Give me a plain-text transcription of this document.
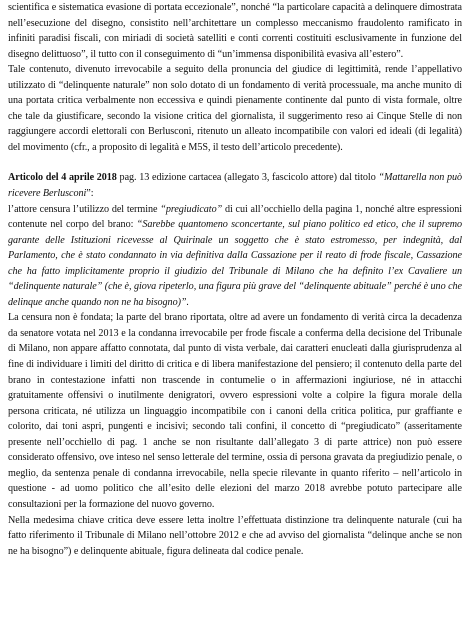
scientifica e sistematica evasione di portata eccezionale”, nonché “la particolare capacità a delinquere dimostrata nell’esecuzione del disegno, consistito nell’architettare un complesso meccanismo fraudolento ramificato in infiniti paradisi fiscali, con miriadi di società satelliti e conti correnti costituiti esclusivamente in funzione del disegno delittuoso”, il tutto con il conseguimento di “un’immensa disponibilità evasiva all’estero”.

Tale contenuto, divenuto irrevocabile a seguito della pronuncia del giudice di legittimità, rende l’appellativo utilizzato di “delinquente naturale” non solo dotato di un fondamento di verità processuale, ma anche munito di una portata critica verbalmente non eccessiva e quindi pienamente continente dal punto di vista formale, oltre che tale da giustificare, secondo la visione critica del giornalista, il suggerimento reso ai Cinque Stelle di non raggiungere accordi elettorali con Berlusconi, ritenuto un alleato incompatibile con valori ed ideali (di legalità) del movimento (cfr., a proposito di legalità e M5S, il testo dell’articolo precedente).

Articolo del 4 aprile 2018 pag. 13 edizione cartacea (allegato 3, fascicolo attore) dal titolo “Mattarella non può ricevere Berlusconi”:

l’attore censura l’utilizzo del termine “pregiudicato” di cui all’occhiello della pagina 1, nonché altre espressioni contenute nel corpo del brano: “Sarebbe quantomeno sconcertante, sul piano politico ed etico, che il supremo garante delle Istituzioni ricevesse al Quirinale un soggetto che è stato estromesso, per indegnità, dal Parlamento, che è stato condannato in via definitiva dalla Cassazione per il reato di frode fiscale, Cassazione che ha fatto implicitamente proprio il giudizio del Tribunale di Milano che ha definito l’ex Cavaliere un “delinquente naturale” (che è, giova ripeterlo, una figura più grave del “delinquente abituale” perché è uno che delinque anche quando non ne ha bisogno)”.

La censura non è fondata; la parte del brano riportata, oltre ad avere un fondamento di verità circa la decadenza da senatore votata nel 2013 e la condanna irrevocabile per frode fiscale a conferma della decisione del Tribunale di Milano, non appare affatto connotata, dal punto di vista verbale, dai caratteri enucleati dalla giurisprudenza al fine di individuare i limiti del diritto di critica e di libera manifestazione del pensiero; il contenuto della parte del brano in contestazione infatti non trascende in contumelie o in affermazioni ingiuriose, né in attacchi gratuitamente offensivi o inutilmente denigratori, ovvero espressioni volte a colpire la figura morale della persona criticata, né utilizza un linguaggio incompatibile con i canoni della critica politica, pur graffiante e colorito, dai toni aspri, pungenti e incisivi; secondo tali confini, il concetto di “pregiudicato” (asseritamente presente nell’occhiello di pag. 1 anche se non risultante dall’allegato 3 di parte attrice) non può essere considerato offensivo, ove inteso nel senso letterale del termine, ossia di persona gravata da pregiudizio penale, o meglio, da sentenza penale di condanna irrevocabile, nella specie rilevante in quanto riferito – nell’articolo in questione - ad uomo politico che all’esito delle elezioni del marzo 2018 avrebbe potuto partecipare alle consultazioni per la formazione del nuovo governo.

Nella medesima chiave critica deve essere letta inoltre l’effettuata distinzione tra delinquente naturale (cui ha fatto riferimento il Tribunale di Milano nell’ottobre 2012 e che ad avviso del giornalista “delinque anche se non ne ha bisogno”) e delinquente abituale, figura delineata dal codice penale.
